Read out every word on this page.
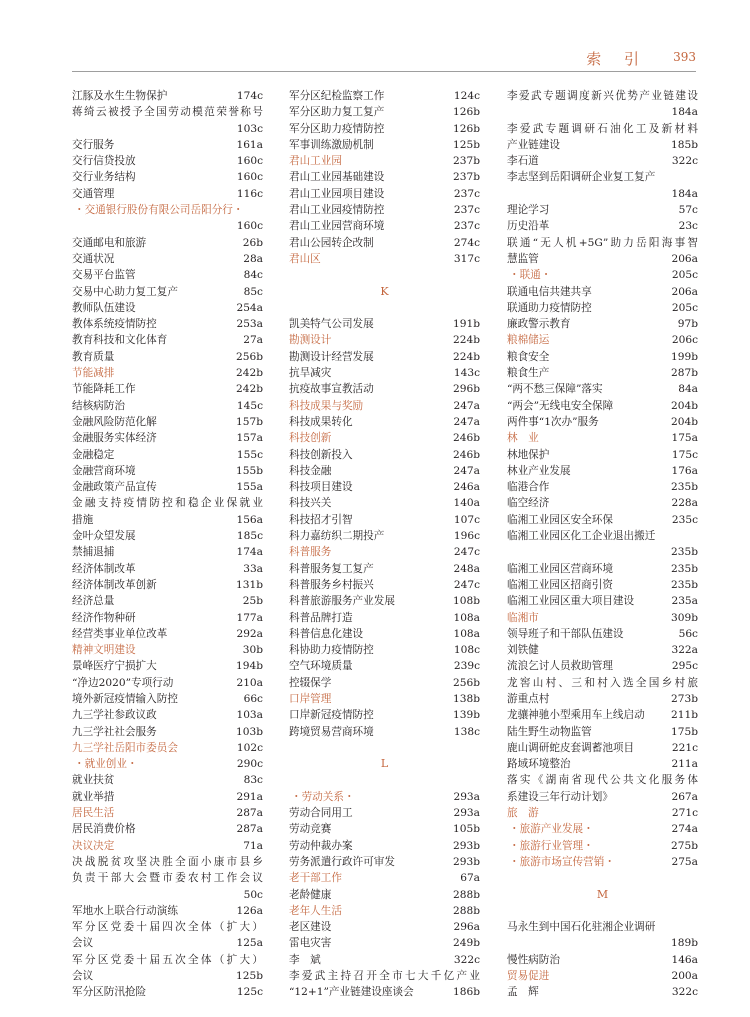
索 引 393
江豚及水生生物保护	174c
蒋绮云被授予全国劳动模范荣誉称号
103c
交行服务	161a
交行信贷投放	160c
交行业务结构	160c
交通管理	116c
・交通银行股份有限公司岳阳分行・
160c
交通邮电和旅游	26b
交通状况	28a
交易平台监管	84c
交易中心助力复工复产	85c
教师队伍建设	254a
教体系统疫情防控	253a
教育科技和文化体育	27a
教育质量	256b
节能减排	242b
节能降耗工作	242b
结核病防治	145c
金融风险防范化解	157b
金融服务实体经济	157a
金融稳定	155c
金融营商环境	155b
金融政策产品宣传	155a
金融支持疫情防控和稳企业保就业
措施	156a
金叶众望发展	185c
禁捕退捕	174a
经济体制改革	33a
经济体制改革创新	131b
经济总量	25b
经济作物种研	177a
经营类事业单位改革	292a
精神文明建设	30b
景峰医疗宁损扩大	194b
“净边2020”专项行动	210a
境外新冠疫情输入防控	66c
九三学社参政议政	103a
九三学社社会服务	103b
九三学社岳阳市委员会	102c
・就业创业・	290c
就业扶贫	83c
就业举措	291a
居民生活	287a
居民消费价格	287a
决议决定	71a
决战脱贫攻坚决胜全面小康市县乡
负责干部大会暨市委农村工作会议
50c
军地水上联合行动演练	126a
军分区党委十届四次全体（扩大）
会议	125a
军分区党委十届五次全体（扩大）
会议	125b
军分区防汛抢险	125c
军分区纪检监察工作	124c
军分区助力复工复产	126b
军分区助力疫情防控	126b
军事训练激励机制	125b
君山工业园	237b
君山工业园基础建设	237b
君山工业园项目建设	237c
君山工业园疫情防控	237c
君山工业园营商环境	237c
君山公园转企改制	274c
君山区	317c
K
凯美特气公司发展	191b
勘测设计	224b
勘测设计经营发展	224b
抗旱减灾	143c
抗疫故事宣教活动	296b
科技成果与奖励	247a
科技成果转化	247a
科技创新	246b
科技创新投入	246b
科技金融	247a
科技项目建设	246a
科技兴关	140a
科技招才引智	107c
科力嘉纺织二期投产	196c
科普服务	247c
科普服务复工复产	248a
科普服务乡村振兴	247c
科普旅游服务产业发展	108b
科普品牌打造	108a
科普信息化建设	108a
科协助力疫情防控	108c
空气环境质量	239c
控辍保学	256b
口岸管理	138b
口岸新冠疫情防控	139b
跨境贸易营商环境	138c
L
・劳动关系・	293a
劳动合同用工	293a
劳动竞赛	105b
劳动仲裁办案	293b
劳务派遣行政许可审发	293b
老干部工作	67a
老龄健康	288b
老年人生活	288b
老区建设	296a
雷电灾害	249b
李　斌	322c
李爱武主持召开全市七大千亿产业
“12+1”产业链建设座谈会	186b
李爱武专题调度新兴优势产业链建设
184a
李爱武专题调研石油化工及新材料
产业链建设	185b
李石道	322c
李志坚到岳阳调研企业复工复产
184a
理论学习	57c
历史沿革	23c
联通“无人机+5G”助力岳阳海事智
慧监管	206a
・联通・	205c
联通电信共建共享	206a
联通助力疫情防控	205c
廉政警示教育	97b
粮棉储运	206c
粮食安全	199b
粮食生产	287b
“两不愁三保障”落实	84a
“两会”无线电安全保障	204b
两件事“1次办”服务	204b
林　业	175a
林地保护	175c
林业产业发展	176a
临港合作	235b
临空经济	228a
临湘工业园区安全环保	235c
临湘工业园区化工企业退出搬迁
235b
临湘工业园区营商环境	235b
临湘工业园区招商引资	235b
临湘工业园区重大项目建设	235a
临湘市	309b
领导班子和干部队伍建设	56c
刘铁健	322a
流浪乞讨人员救助管理	295c
龙窖山村、三和村入选全国乡村旅
游重点村	273b
龙骧神驰小型乘用车上线启动 211b
陆生野生动物监管	175b
鹿山调研蛇皮套调蓄池项目	221c
路域环境整治	211a
落实《湖南省现代公共文化服务体
系建设三年行动计划》	267a
旅　游	271c
・旅游产业发展・	274a
・旅游行业管理・	275b
・旅游市场宣传营销・	275a
M
马永生到中国石化驻湘企业调研
189b
慢性病防治	146a
贸易促进	200a
孟　辉	322c
